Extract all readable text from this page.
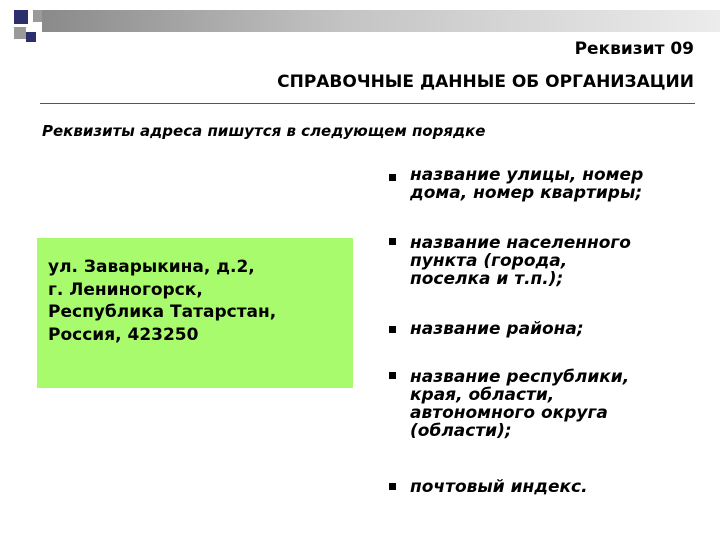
Реквизит 09
СПРАВОЧНЫЕ ДАННЫЕ ОБ ОРГАНИЗАЦИИ
Реквизиты адреса пишутся в следующем порядке
ул. Заварыкина, д.2,
г. Лениногорск,
Республика Татарстан,
Россия, 423250
название улицы, номер
дома, номер квартиры;
название населенного
пункта (города,
поселка и т.п.);
название района;
название республики,
края, области,
автономного округа
(области);
почтовый индекс.
